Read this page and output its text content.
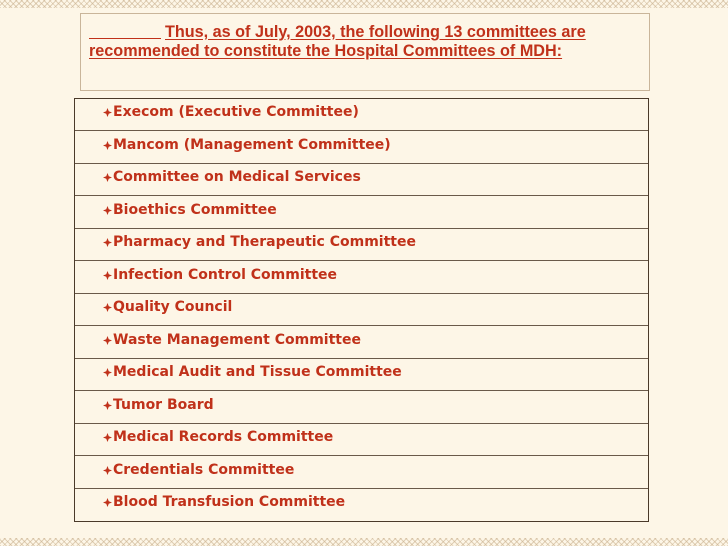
Thus, as of July, 2003, the following 13 committees are
recommended to constitute the Hospital Committees of MDH:
Execom (Executive Committee)
Mancom (Management Committee)
Committee on Medical Services
Bioethics Committee
Pharmacy and Therapeutic Committee
Infection Control Committee
Quality Council
Waste Management Committee
Medical Audit and Tissue Committee
Tumor Board
Medical Records Committee
Credentials Committee
Blood Transfusion Committee
